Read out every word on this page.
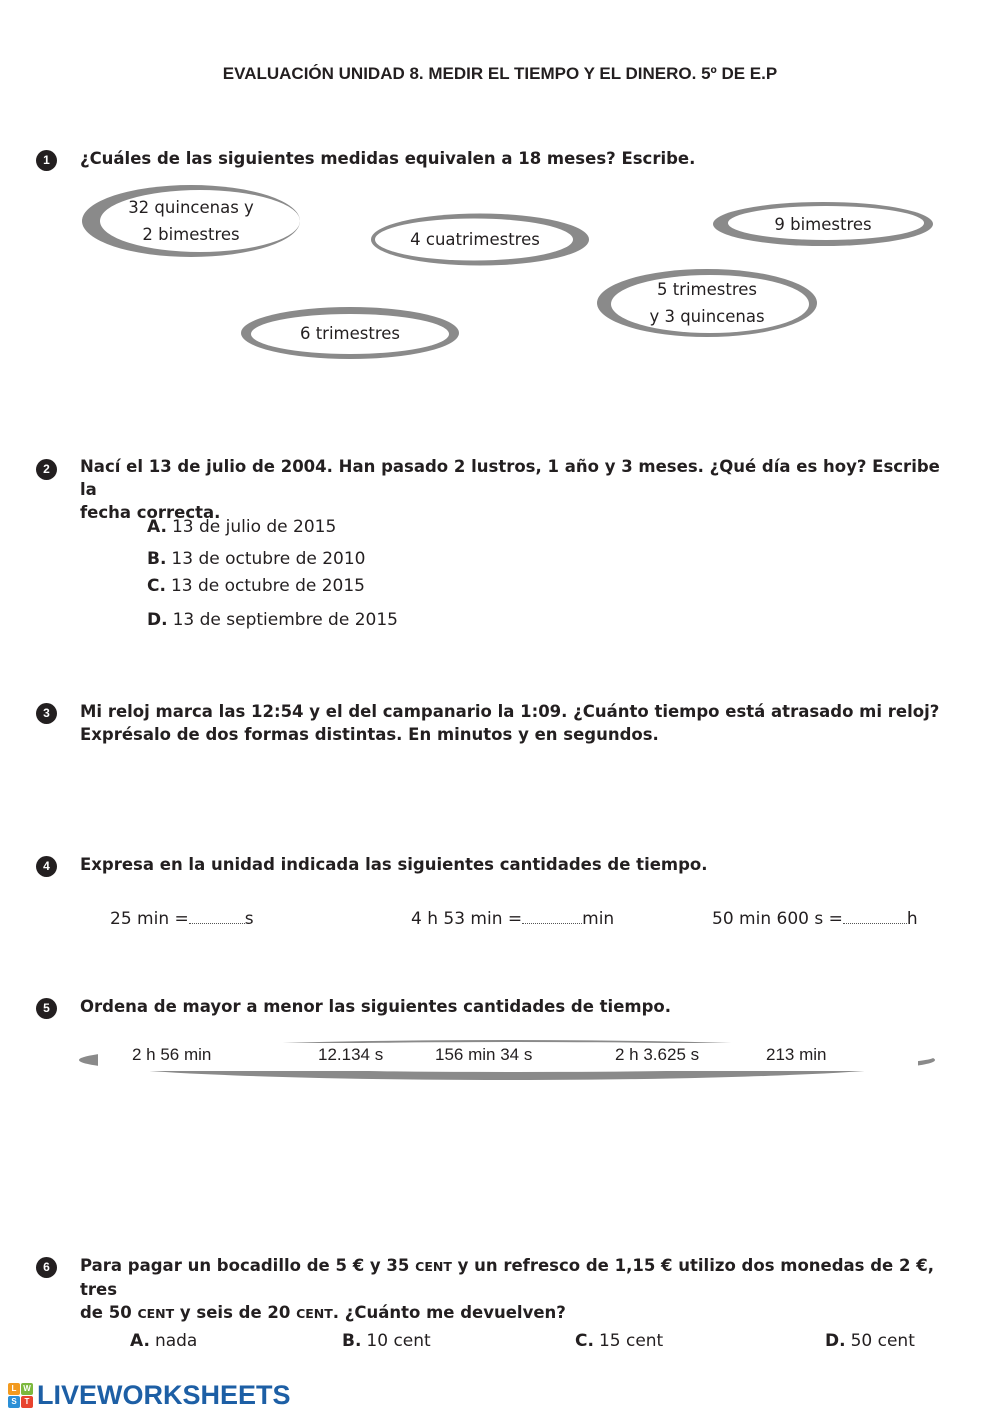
EVALUACIÓN UNIDAD 8. MEDIR EL TIEMPO Y EL DINERO. 5º DE E.P
1	¿Cuáles de las siguientes medidas equivalen a 18 meses? Escribe.
32 quincenas y
2 bimestres	4 cuatrimestres
9 bimestres
5 trimestres
y 3 quincenas
6 trimestres
2	Nací el 13 de julio de 2004. Han pasado 2 lustros, 1 año y 3 meses. ¿Qué día es hoy? Escribe la
fecha correcta.
A. 13 de julio de 2015
B. 13 de octubre de 2010
C. 13 de octubre de 2015
D. 13 de septiembre de 2015
3	Mi reloj marca las 12:54 y el del campanario la 1:09. ¿Cuánto tiempo está atrasado mi reloj?
Exprésalo de dos formas distintas. En minutos y en segundos.
4	Expresa en la unidad indicada las siguientes cantidades de tiempo.
25 min =	s	4 h 53 min =	min	50 min 600 s =	h
5	Ordena de mayor a menor las siguientes cantidades de tiempo.
2 h 56 min	12.134 s	156 min 34 s	2 h 3.625 s	213 min
6	Para pagar un bocadillo de 5 € y 35 CENT y un refresco de 1,15 € utilizo dos monedas de 2 €, tres
de 50 CENT y seis de 20 CENT. ¿Cuánto me devuelven?
A. nada	B. 10 cent	C. 15 cent	D. 50 cent
L W
S T LIVEWORKSHEETS
